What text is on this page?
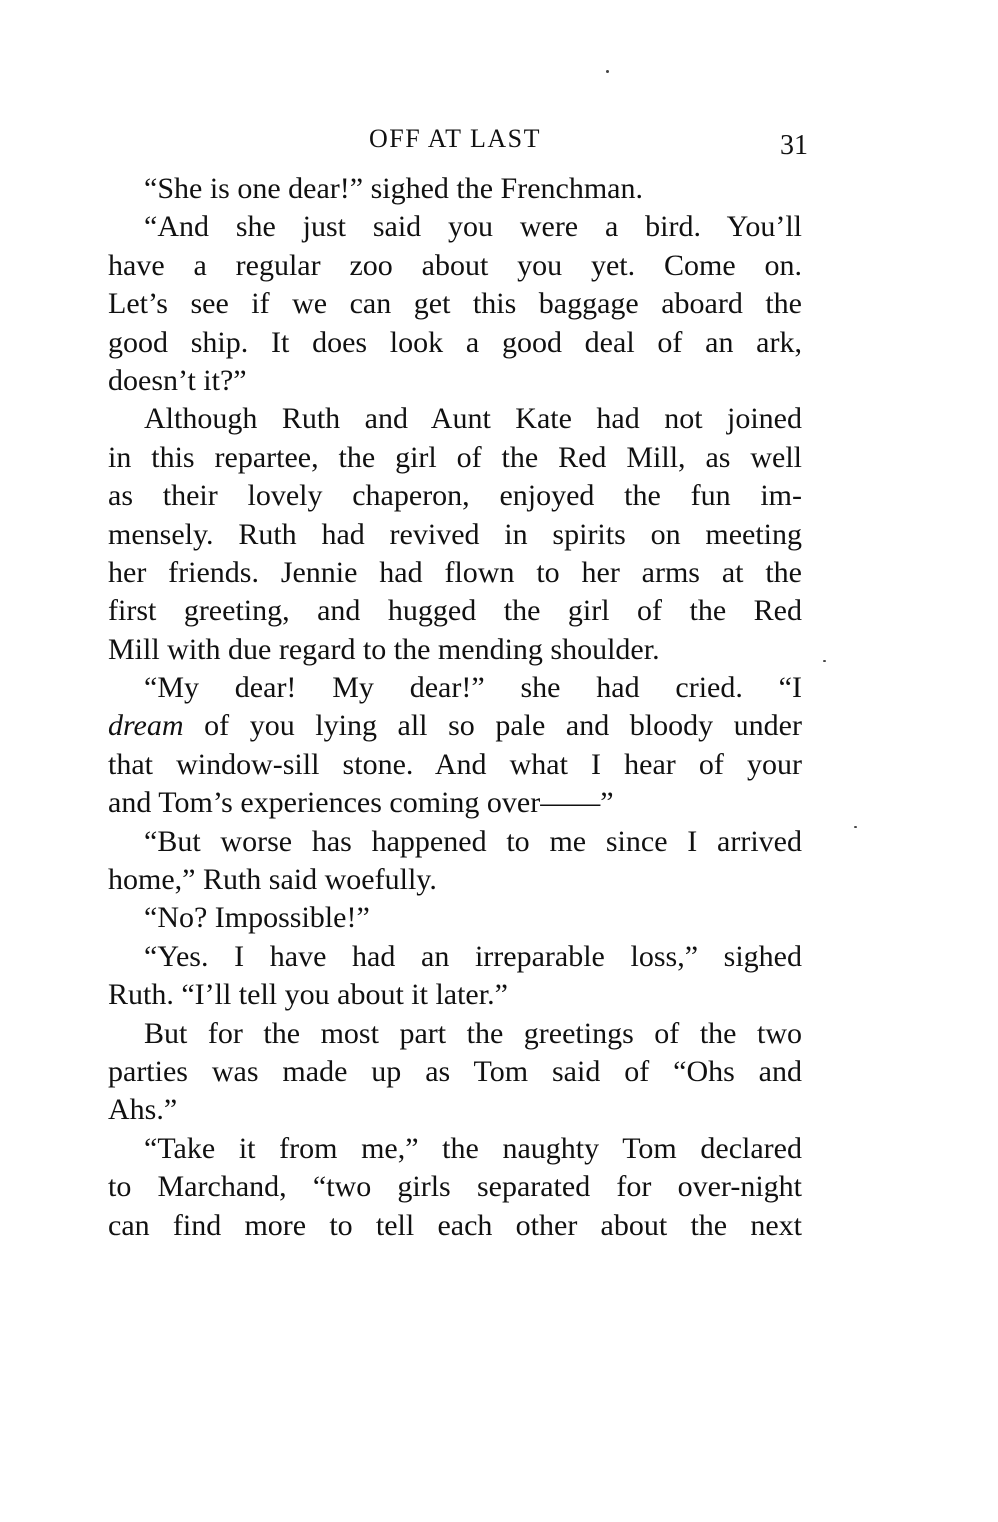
OFF AT LAST	31
“She is one dear!” sighed the Frenchman.
“And she just said you were a bird. You’ll
have a regular zoo about you yet. Come on.
Let’s see if we can get this baggage aboard the
good ship. It does look a good deal of an ark,
doesn’t it?”
Although Ruth and Aunt Kate had not joined
in this repartee, the girl of the Red Mill, as well
as their lovely chaperon, enjoyed the fun im-
mensely. Ruth had revived in spirits on meeting
her friends. Jennie had flown to her arms at the
first greeting, and hugged the girl of the Red
Mill with due regard to the mending shoulder.
“My dear! My dear!” she had cried. “I
dream of you lying all so pale and bloody under
that window-sill stone. And what I hear of your
and Tom’s experiences coming over——”
“But worse has happened to me since I arrived
home,” Ruth said woefully.
“No? Impossible!”
“Yes. I have had an irreparable loss,” sighed
Ruth. “I’ll tell you about it later.”
But for the most part the greetings of the two
parties was made up as Tom said of “Ohs and
Ahs.”
“Take it from me,” the naughty Tom declared
to Marchand, “two girls separated for over-night
can find more to tell each other about the next
